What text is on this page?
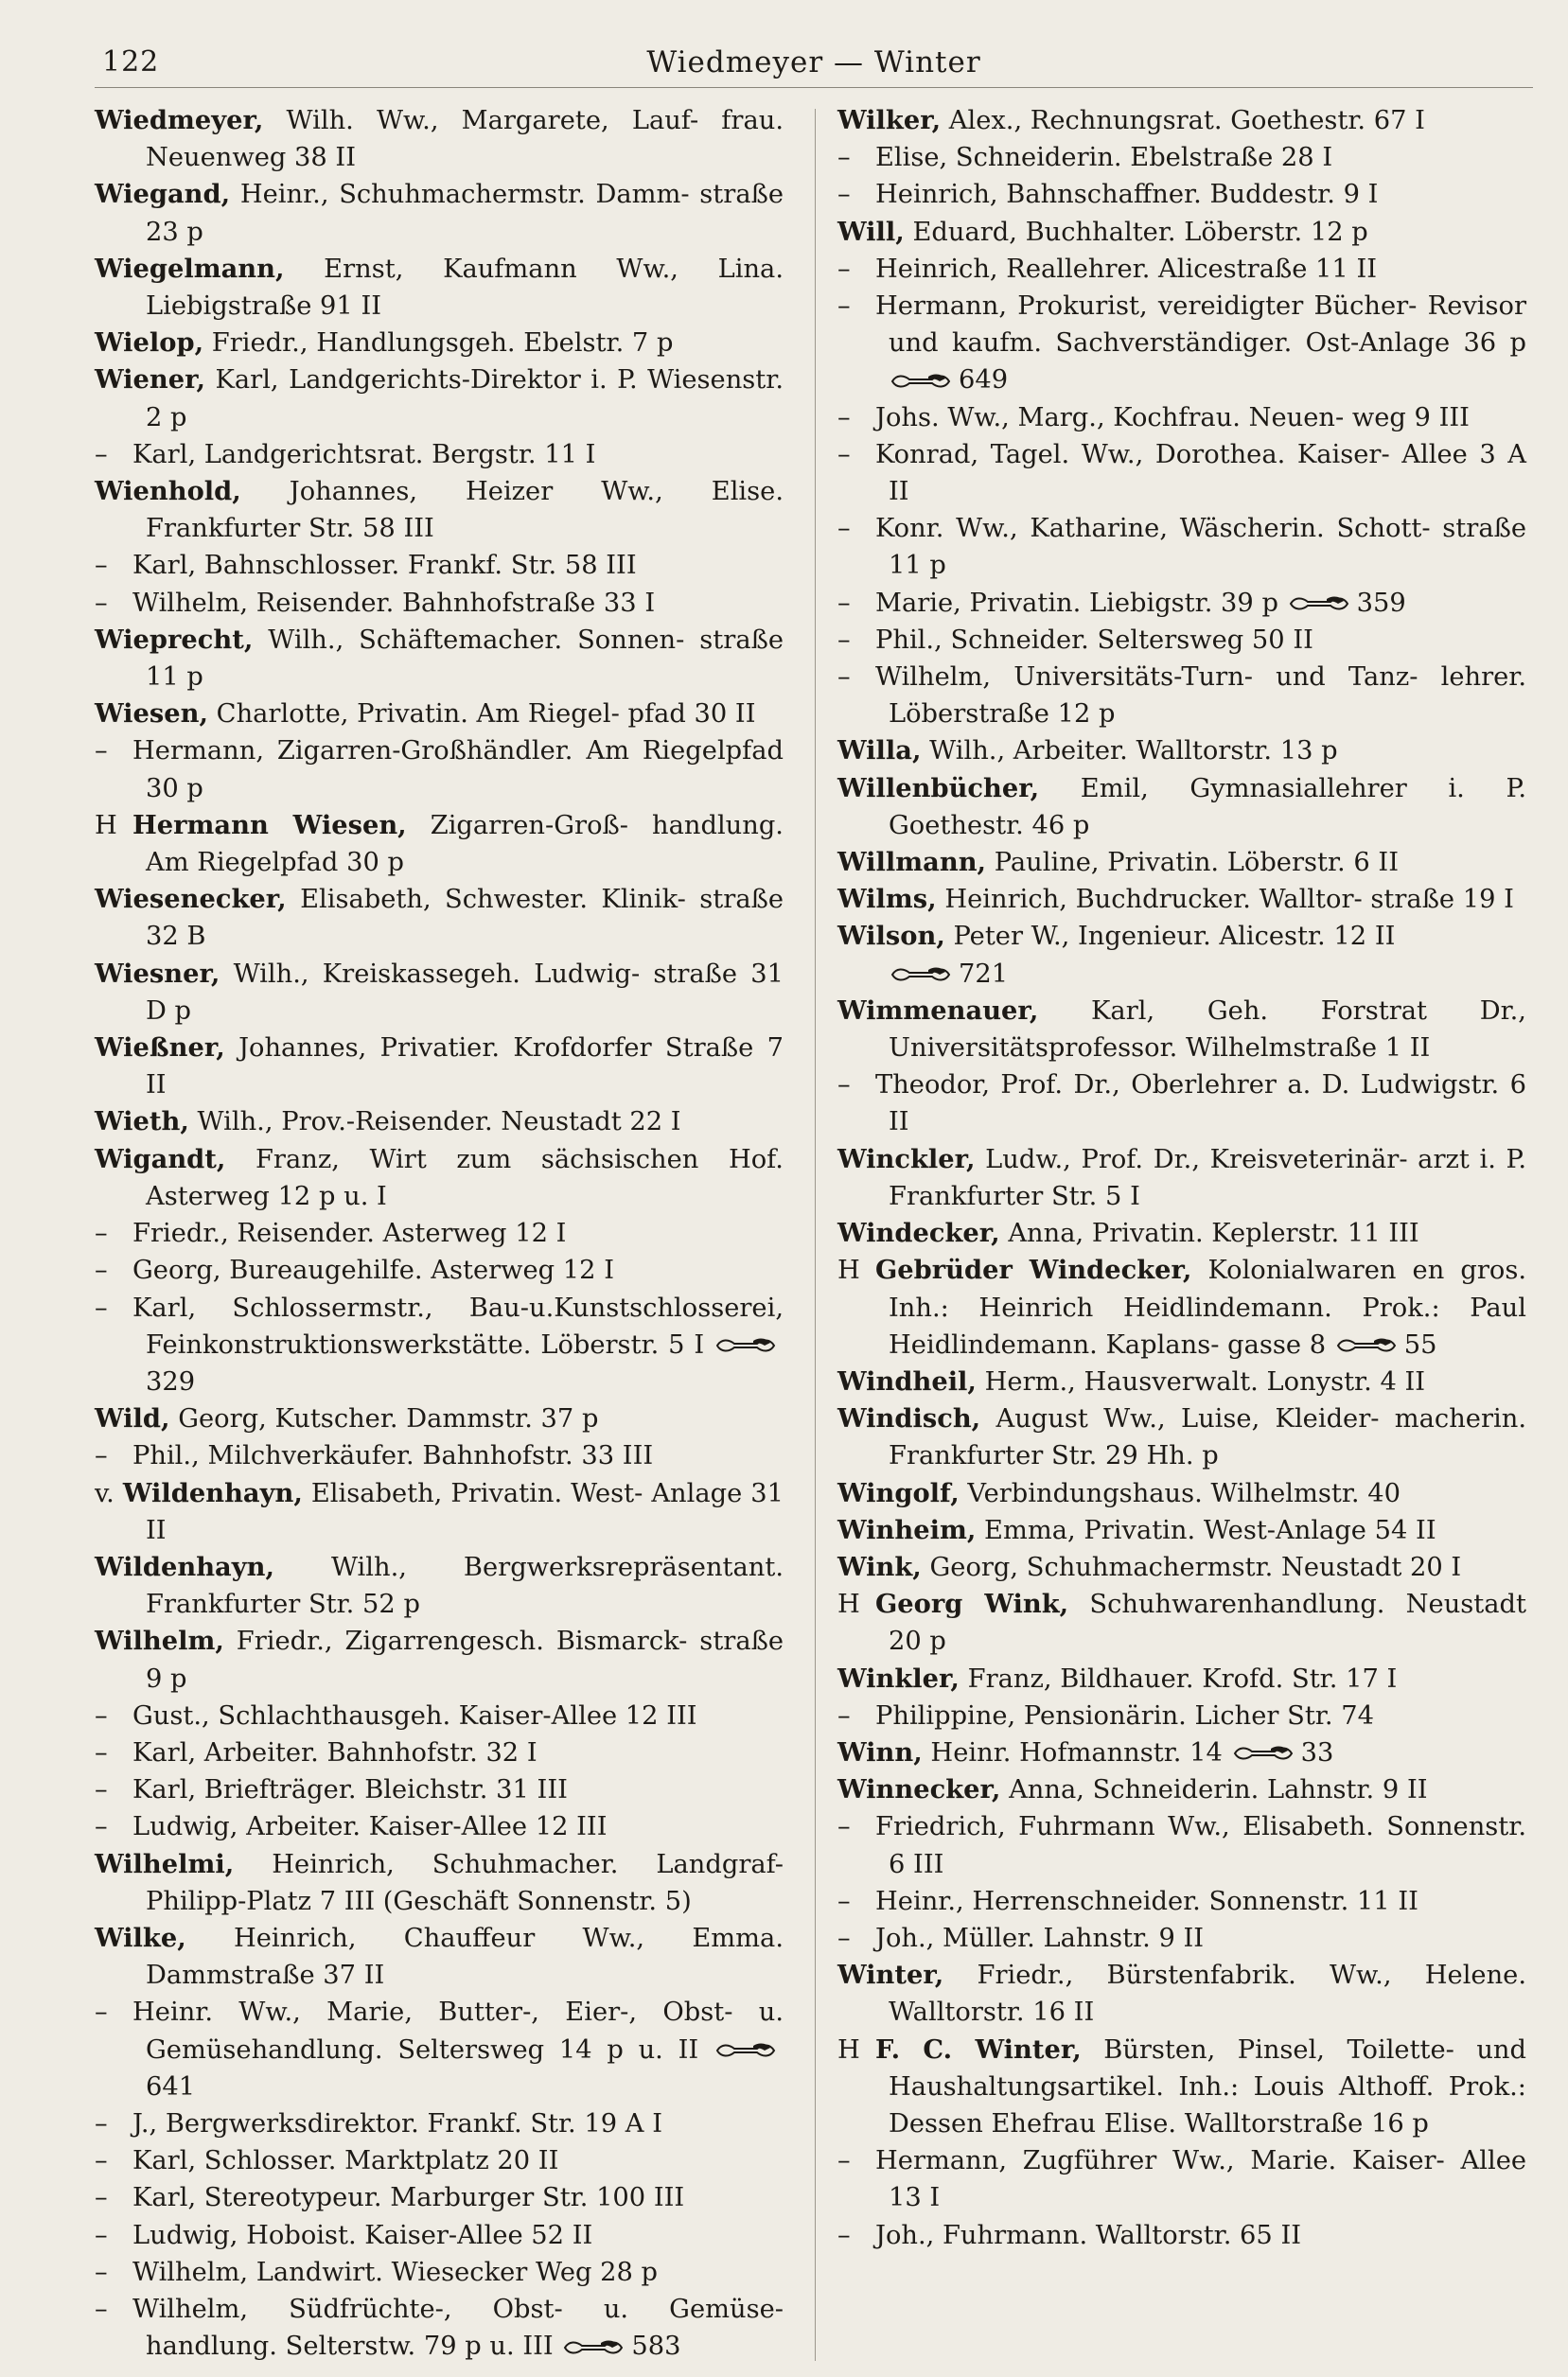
122	Wiedmeyer — Winter
Wiedmeyer, Wilh. Ww., Margarete, Lauf- frau. Neuenweg 38 II
Wiegand, Heinr., Schuhmachermstr. Damm- straße 23 p
Wiegelmann, Ernst, Kaufmann Ww., Lina. Liebigstraße 91 II
Wielop, Friedr., Handlungsgeh. Ebelstr. 7 p
Wiener, Karl, Landgerichts-Direktor i. P. Wiesenstr. 2 p
– Karl, Landgerichtsrat. Bergstr. 11 I
Wienhold, Johannes, Heizer Ww., Elise. Frankfurter Str. 58 III
– Karl, Bahnschlosser. Frankf. Str. 58 III
– Wilhelm, Reisender. Bahnhofstraße 33 I
Wieprecht, Wilh., Schäftemacher. Sonnen- straße 11 p
Wiesen, Charlotte, Privatin. Am Riegel- pfad 30 II
– Hermann, Zigarren-Großhändler. Am Riegelpfad 30 p
H Hermann Wiesen, Zigarren-Groß- handlung. Am Riegelpfad 30 p
Wiesenecker, Elisabeth, Schwester. Klinik- straße 32 B
Wiesner, Wilh., Kreiskassegeh. Ludwig- straße 31 D p
Wießner, Johannes, Privatier. Krofdorfer Straße 7 II
Wieth, Wilh., Prov.-Reisender. Neustadt 22 I
Wigandt, Franz, Wirt zum sächsischen Hof. Asterweg 12 p u. I
– Friedr., Reisender. Asterweg 12 I
– Georg, Bureaugehilfe. Asterweg 12 I
– Karl, Schlossermstr., Bau-u.Kunstschlosserei, Feinkonstruktionswerkstätte. Löberstr. 5 I 329
Wild, Georg, Kutscher. Dammstr. 37 p
– Phil., Milchverkäufer. Bahnhofstr. 33 III
v. Wildenhayn, Elisabeth, Privatin. West- Anlage 31 II
Wildenhayn, Wilh., Bergwerksrepräsentant. Frankfurter Str. 52 p
Wilhelm, Friedr., Zigarrengesch. Bismarck- straße 9 p
– Gust., Schlachthausgeh. Kaiser-Allee 12 III
– Karl, Arbeiter. Bahnhofstr. 32 I
– Karl, Briefträger. Bleichstr. 31 III
– Ludwig, Arbeiter. Kaiser-Allee 12 III
Wilhelmi, Heinrich, Schuhmacher. Landgraf- Philipp-Platz 7 III (Geschäft Sonnenstr. 5)
Wilke, Heinrich, Chauffeur Ww., Emma. Dammstraße 37 II
– Heinr. Ww., Marie, Butter-, Eier-, Obst- u. Gemüsehandlung. Seltersweg 14 p u. II 641
– J., Bergwerksdirektor. Frankf. Str. 19 A I
– Karl, Schlosser. Marktplatz 20 II
– Karl, Stereotypeur. Marburger Str. 100 III
– Ludwig, Hoboist. Kaiser-Allee 52 II
– Wilhelm, Landwirt. Wiesecker Weg 28 p
– Wilhelm, Südfrüchte-, Obst- u. Gemüse- handlung. Selterstw. 79 p u. III	583
Wilker, Alex., Rechnungsrat. Goethestr. 67 I
– Elise, Schneiderin. Ebelstraße 28 I
– Heinrich, Bahnschaffner. Buddestr. 9 I
Will, Eduard, Buchhalter. Löberstr. 12 p
– Heinrich, Reallehrer. Alicestraße 11 II
– Hermann, Prokurist, vereidigter Bücher- Revisor und kaufm. Sachverständiger. Ost-Anlage 36 p 649
– Johs. Ww., Marg., Kochfrau. Neuen- weg 9 III
– Konrad, Tagel. Ww., Dorothea. Kaiser- Allee 3 A II
– Konr. Ww., Katharine, Wäscherin. Schott- straße 11 p
– Marie, Privatin. Liebigstr. 39 p	359
– Phil., Schneider. Seltersweg 50 II
– Wilhelm, Universitäts-Turn- und Tanz- lehrer. Löberstraße 12 p
Willa, Wilh., Arbeiter. Walltorstr. 13 p
Willenbücher, Emil, Gymnasiallehrer i. P. Goethestr. 46 p
Willmann, Pauline, Privatin. Löberstr. 6 II
Wilms, Heinrich, Buchdrucker. Walltor- straße 19 I
Wilson, Peter W., Ingenieur. Alicestr. 12 II
721
Wimmenauer, Karl, Geh. Forstrat Dr., Universitätsprofessor. Wilhelmstraße 1 II
– Theodor, Prof. Dr., Oberlehrer a. D. Ludwigstr. 6 II
Winckler, Ludw., Prof. Dr., Kreisveterinär- arzt i. P. Frankfurter Str. 5 I
Windecker, Anna, Privatin. Keplerstr. 11 III
H Gebrüder Windecker, Kolonialwaren en gros. Inh.: Heinrich Heidlindemann. Prok.: Paul Heidlindemann. Kaplans- gasse 8	55
Windheil, Herm., Hausverwalt. Lonystr. 4 II
Windisch, August Ww., Luise, Kleider- macherin. Frankfurter Str. 29 Hh. p
Wingolf, Verbindungshaus. Wilhelmstr. 40
Winheim, Emma, Privatin. West-Anlage 54 II
Wink, Georg, Schuhmachermstr. Neustadt 20 I
H Georg Wink, Schuhwarenhandlung. Neustadt 20 p
Winkler, Franz, Bildhauer. Krofd. Str. 17 I
– Philippine, Pensionärin. Licher Str. 74
Winn, Heinr. Hofmannstr. 14	33
Winnecker, Anna, Schneiderin. Lahnstr. 9 II
– Friedrich, Fuhrmann Ww., Elisabeth. Sonnenstr. 6 III
– Heinr., Herrenschneider. Sonnenstr. 11 II
– Joh., Müller. Lahnstr. 9 II
Winter, Friedr., Bürstenfabrik. Ww., Helene. Walltorstr. 16 II
H F. C. Winter, Bürsten, Pinsel, Toilette- und Haushaltungsartikel. Inh.: Louis Althoff. Prok.: Dessen Ehefrau Elise. Walltorstraße 16 p
– Hermann, Zugführer Ww., Marie. Kaiser- Allee 13 I
– Joh., Fuhrmann. Walltorstr. 65 II
